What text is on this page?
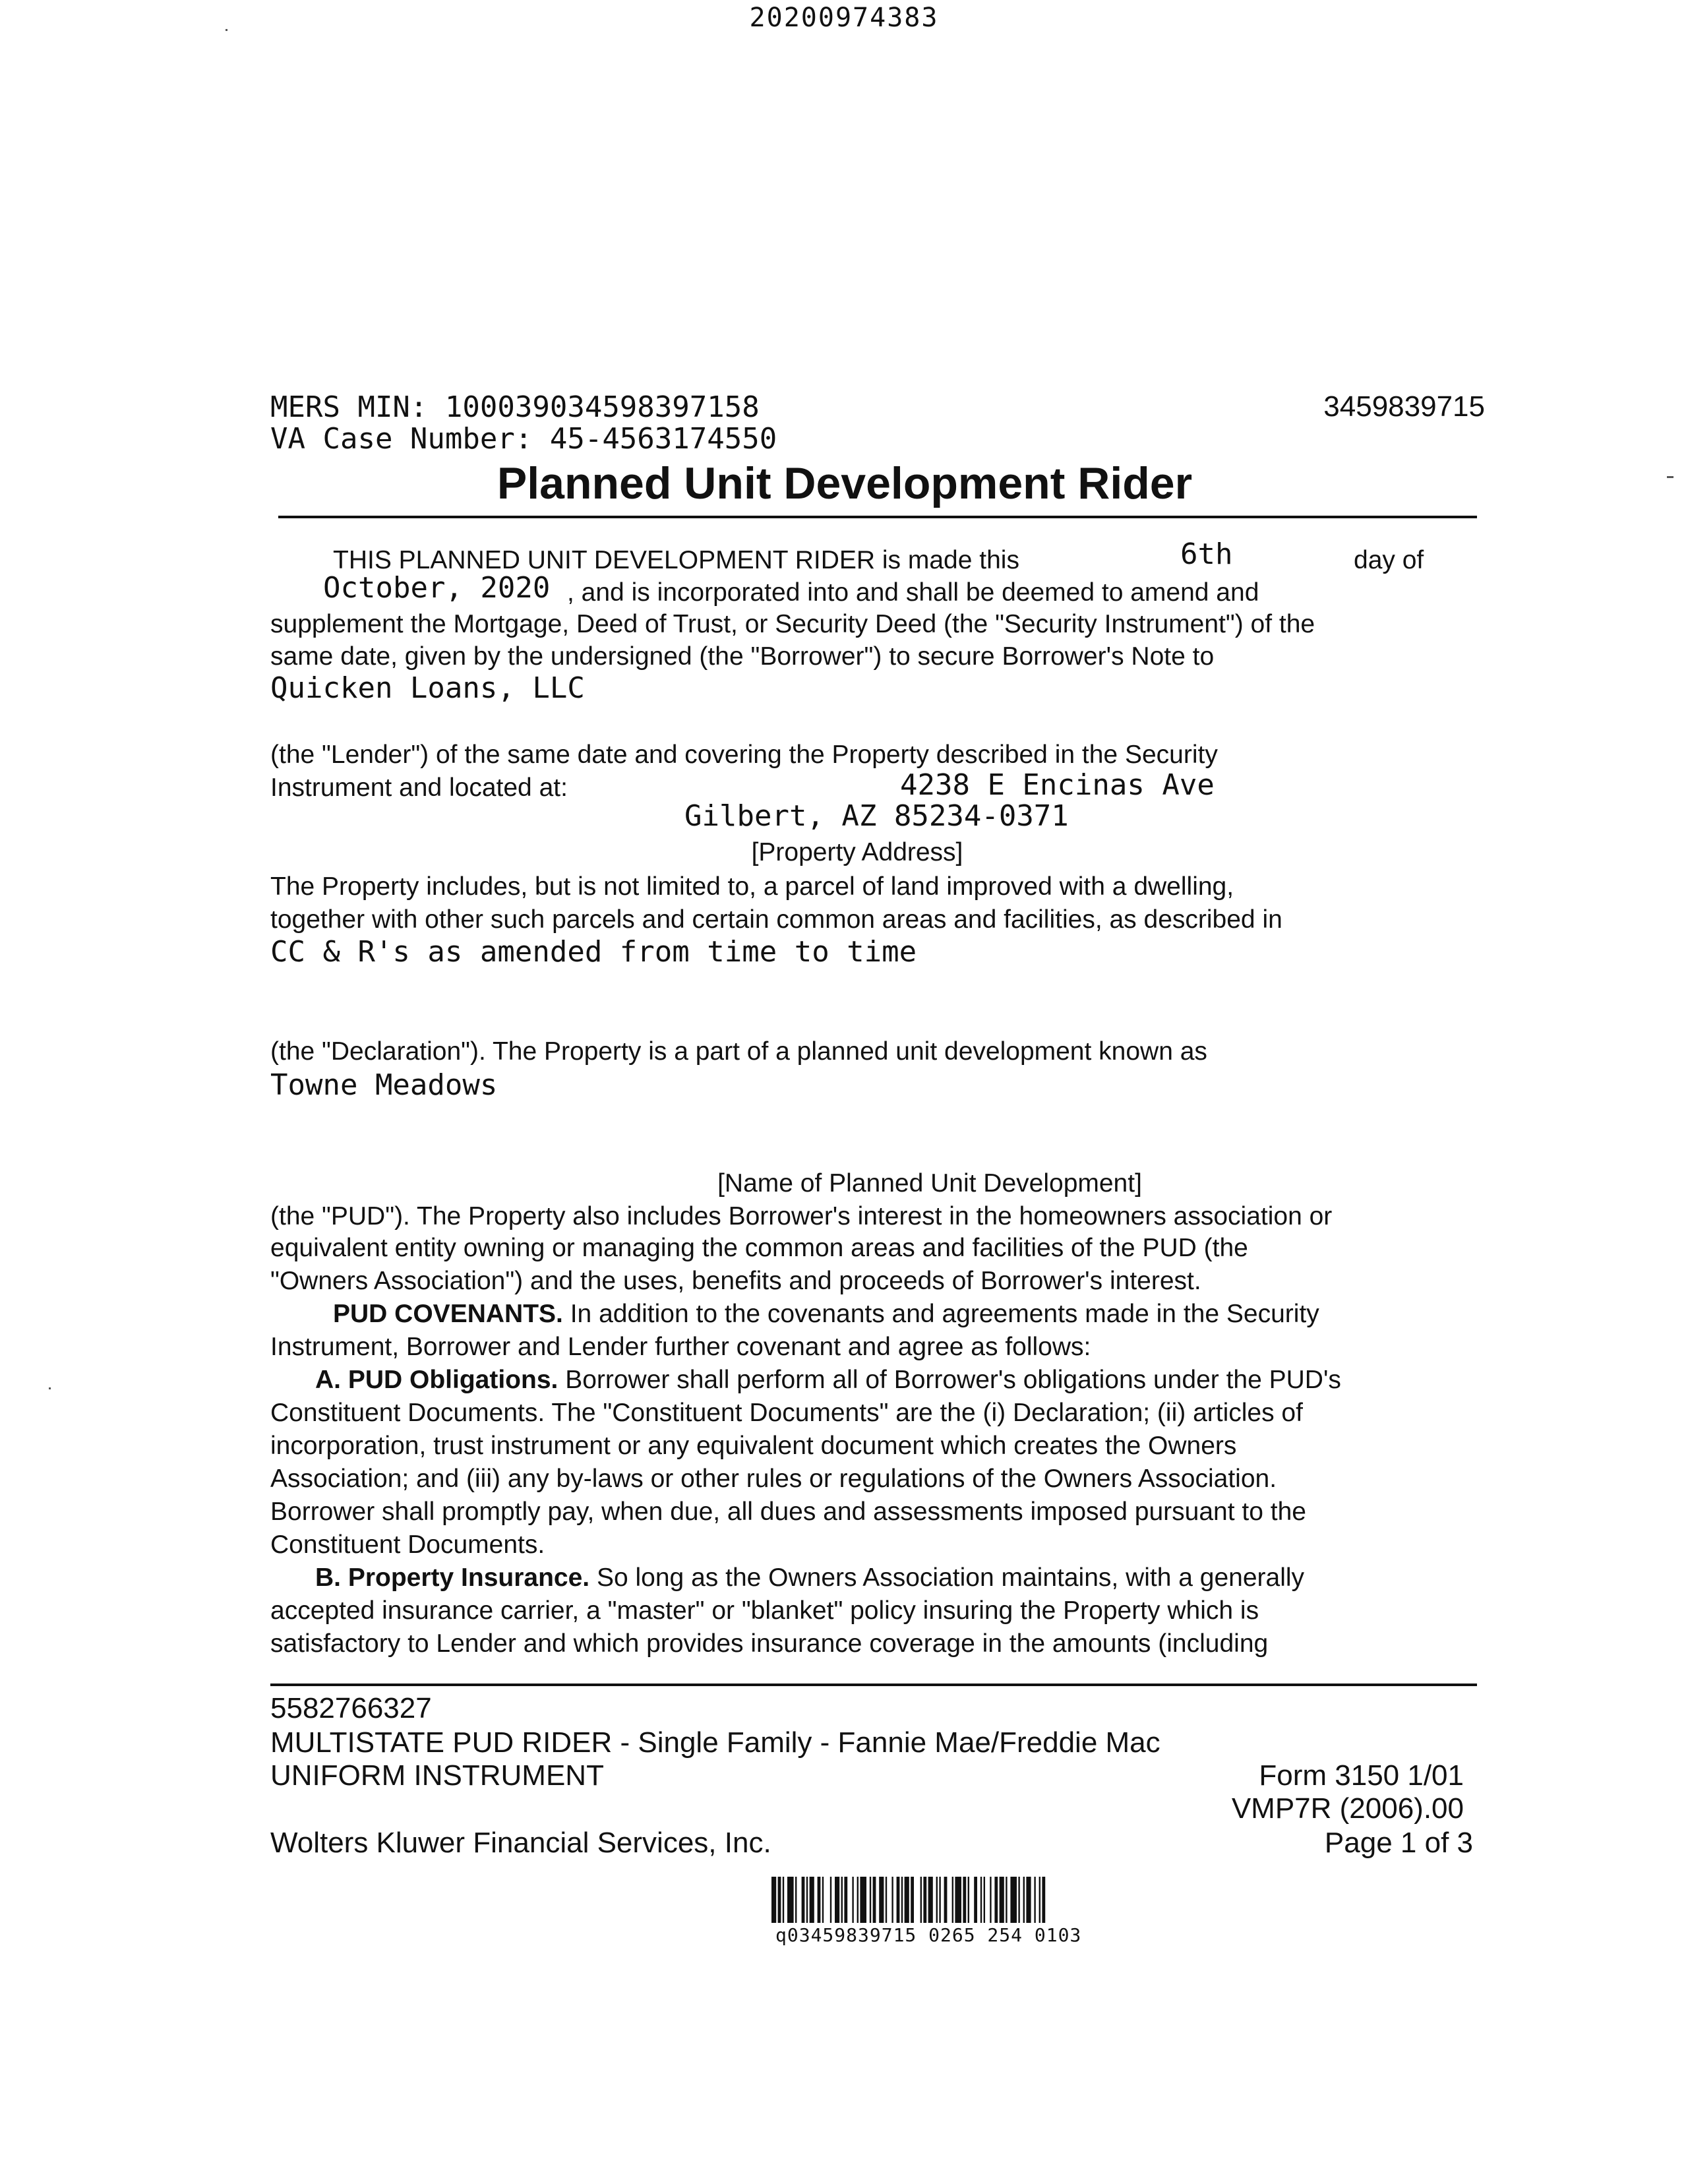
20200974383
MERS MIN: 100039034598397158
VA Case Number: 45-4563174550
3459839715
Planned Unit Development Rider
THIS PLANNED UNIT DEVELOPMENT RIDER is made this	6th	day of
October, 2020 , and is incorporated into and shall be deemed to amend and
supplement the Mortgage, Deed of Trust, or Security Deed (the "Security Instrument") of the
same date, given by the undersigned (the "Borrower") to secure Borrower's Note to
Quicken Loans, LLC
(the "Lender") of the same date and covering the Property described in the Security
Instrument and located at:	4238 E Encinas Ave
Gilbert, AZ 85234-0371
[Property Address]
The Property includes, but is not limited to, a parcel of land improved with a dwelling,
together with other such parcels and certain common areas and facilities, as described in
CC & R's as amended from time to time
(the "Declaration"). The Property is a part of a planned unit development known as
Towne Meadows
[Name of Planned Unit Development]
(the "PUD"). The Property also includes Borrower's interest in the homeowners association or
equivalent entity owning or managing the common areas and facilities of the PUD (the
"Owners Association") and the uses, benefits and proceeds of Borrower's interest.
PUD COVENANTS. In addition to the covenants and agreements made in the Security
Instrument, Borrower and Lender further covenant and agree as follows:
A. PUD Obligations. Borrower shall perform all of Borrower's obligations under the PUD's
Constituent Documents. The "Constituent Documents" are the (i) Declaration; (ii) articles of
incorporation, trust instrument or any equivalent document which creates the Owners
Association; and (iii) any by-laws or other rules or regulations of the Owners Association.
Borrower shall promptly pay, when due, all dues and assessments imposed pursuant to the
Constituent Documents.
B. Property Insurance. So long as the Owners Association maintains, with a generally
accepted insurance carrier, a "master" or "blanket" policy insuring the Property which is
satisfactory to Lender and which provides insurance coverage in the amounts (including
5582766327
MULTISTATE PUD RIDER - Single Family - Fannie Mae/Freddie Mac
UNIFORM INSTRUMENT	Form 3150 1/01
VMP7R (2006).00
Wolters Kluwer Financial Services, Inc.	Page 1 of 3
q03459839715 0265 254 0103
